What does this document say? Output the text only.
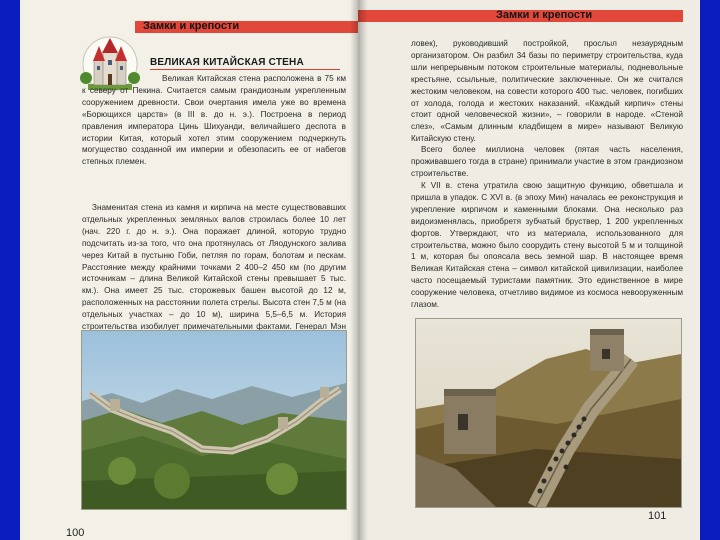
Замки и крепости
ВЕЛИКАЯ КИТАЙСКАЯ СТЕНА

Великая Китайская стена расположена в 75 км к северу от Пекина. Считается самым грандиозным укрепленным сооружением древности. Свои очертания имела уже во времена «Борющихся царств» (в III в. до н. э.). Построена в период правления императора Цинь Шихуанди, величайшего деспота в истории Китая, который хотел этим сооружением подчеркнуть могущество созданной им империи и обезопасить ее от набегов степных племен.

Знаменитая стена из камня и кирпича на месте существовавших отдельных укрепленных земляных валов строилась более 10 лет (нач. 220 г. до н. э.). Она поражает длиной, которую трудно подсчитать из-за того, что она протянулась от Ляодунского залива через Китай в пустыню Гоби, петляя по горам, болотам и пескам. Расстояние между крайними точками 2 400–2 450 км (по другим источникам – длина Великой Китайской стены превышает 5 тыс. км.). Она имеет 25 тыс. сторожевых башен высотой до 12 м, расположенных на расстоянии полета стрелы. Высота стен 7,5 м (на отдельных участках – до 10 м), ширина 5,5–6,5 м. История строительства изобилует примечательными фактами. Генерал Мэн

100
Замки и крепости

ловек), руководивший постройкой, прослыл незаурядным организатором. Он разбил 34 базы по периметру строительства, куда шли непрерывным потоком строительные материалы, подневольные крестьяне, ссыльные, политические заключенные. Он же считался жестоким человеком, на совести которого 400 тыс. человек, погибших от холода, голода и жестоких наказаний. «Каждый кирпич» стены стоит одной человеческой жизни», – говорили в народе. «Стеной слез», «Самым длинным кладбищем в мире» называют Великую Китайскую стену.

Всего более миллиона человек (пятая часть населения, проживавшего тогда в стране) принимали участие в этом грандиозном строительстве.

К VII в. стена утратила свою защитную функцию, обветшала и пришла в упадок. С XVI в. (в эпоху Мин) началась ее реконструкция и укрепление кирпичом и каменными блоками. Она несколько раз видоизменялась, приобретя зубчатый бруствер, 1 200 укрепленных фортов. Утверждают, что из материала, использованного для строительства, можно было соорудить стену высотой 5 м и толщиной 1 м, которая бы опоясала весь земной шар. В настоящее время Великая Китайская стена – символ китайской цивилизации, наиболее часто посещаемый туристами памятник. Это единственное в мире сооружение человека, отчетливо видимое из космоса невооруженным глазом.

101
